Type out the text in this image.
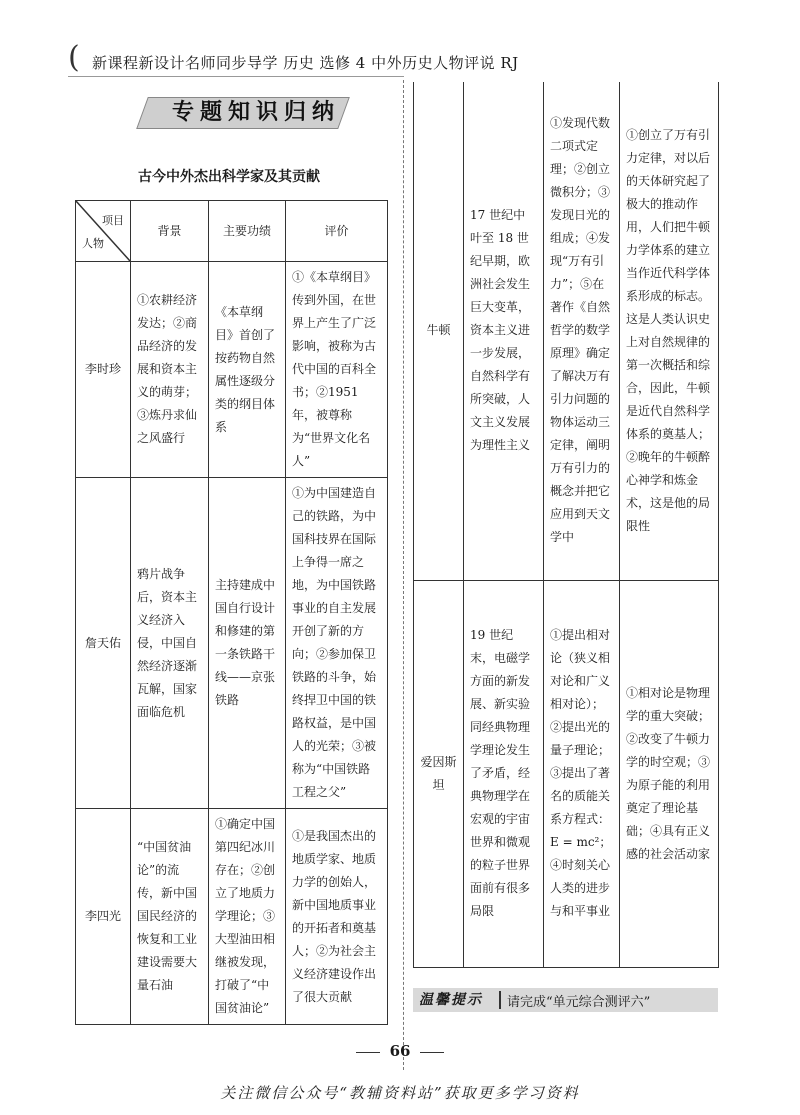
( 新课程新设计名师同步导学 历史 选修 4 中外历史人物评说 RJ
专题知识归纳
古今中外杰出科学家及其贡献
项目
人物	背景	主要功绩	评价
李时珍	①农耕经济发达；②商品经济的发展和资本主义的萌芽；③炼丹求仙之风盛行	《本草纲目》首创了按药物自然属性逐级分类的纲目体系	①《本草纲目》传到外国，在世界上产生了广泛影响，被称为古代中国的百科全书；②1951 年，被尊称为“世界文化名人”
詹天佑	鸦片战争后，资本主义经济入侵，中国自然经济逐渐瓦解，国家面临危机	主持建成中国自行设计和修建的第一条铁路干线——京张铁路	①为中国建造自己的铁路，为中国科技界在国际上争得一席之地，为中国铁路事业的自主发展开创了新的方向；②参加保卫铁路的斗争，始终捍卫中国的铁路权益，是中国人的光荣；③被称为“中国铁路工程之父”
李四光	“中国贫油论”的流传，新中国国民经济的恢复和工业建设需要大量石油	①确定中国第四纪冰川存在；②创立了地质力学理论；③大型油田相继被发现，打破了“中国贫油论”	①是我国杰出的地质学家、地质力学的创始人，新中国地质事业的开拓者和奠基人；②为社会主义经济建设作出了很大贡献
牛顿	17 世纪中叶至 18 世纪早期，欧洲社会发生巨大变革，资本主义进一步发展，自然科学有所突破，人文主义发展为理性主义	①发现代数二项式定理；②创立微积分；③发现日光的组成；④发现“万有引力”；⑤在著作《自然哲学的数学原理》确定了解决万有引力问题的物体运动三定律，阐明万有引力的概念并把它应用到天文学中	①创立了万有引力定律，对以后的天体研究起了极大的推动作用，人们把牛顿力学体系的建立当作近代科学体系形成的标志。这是人类认识史上对自然规律的第一次概括和综合，因此，牛顿是近代自然科学体系的奠基人；②晚年的牛顿醉心神学和炼金术，这是他的局限性
爱因斯坦	19 世纪末，电磁学方面的新发展、新实验同经典物理学理论发生了矛盾，经典物理学在宏观的宇宙世界和微观的粒子世界面前有很多局限	①提出相对论（狭义相对论和广义相对论）；②提出光的量子理论；③提出了著名的质能关系方程式：E = mc²；④时刻关心人类的进步与和平事业	①相对论是物理学的重大突破；②改变了牛顿力学的时空观；③为原子能的利用奠定了理论基础；④具有正义感的社会活动家
温馨提示 请完成“单元综合测评六”
66
关注微信公众号“教辅资料站”获取更多学习资料
